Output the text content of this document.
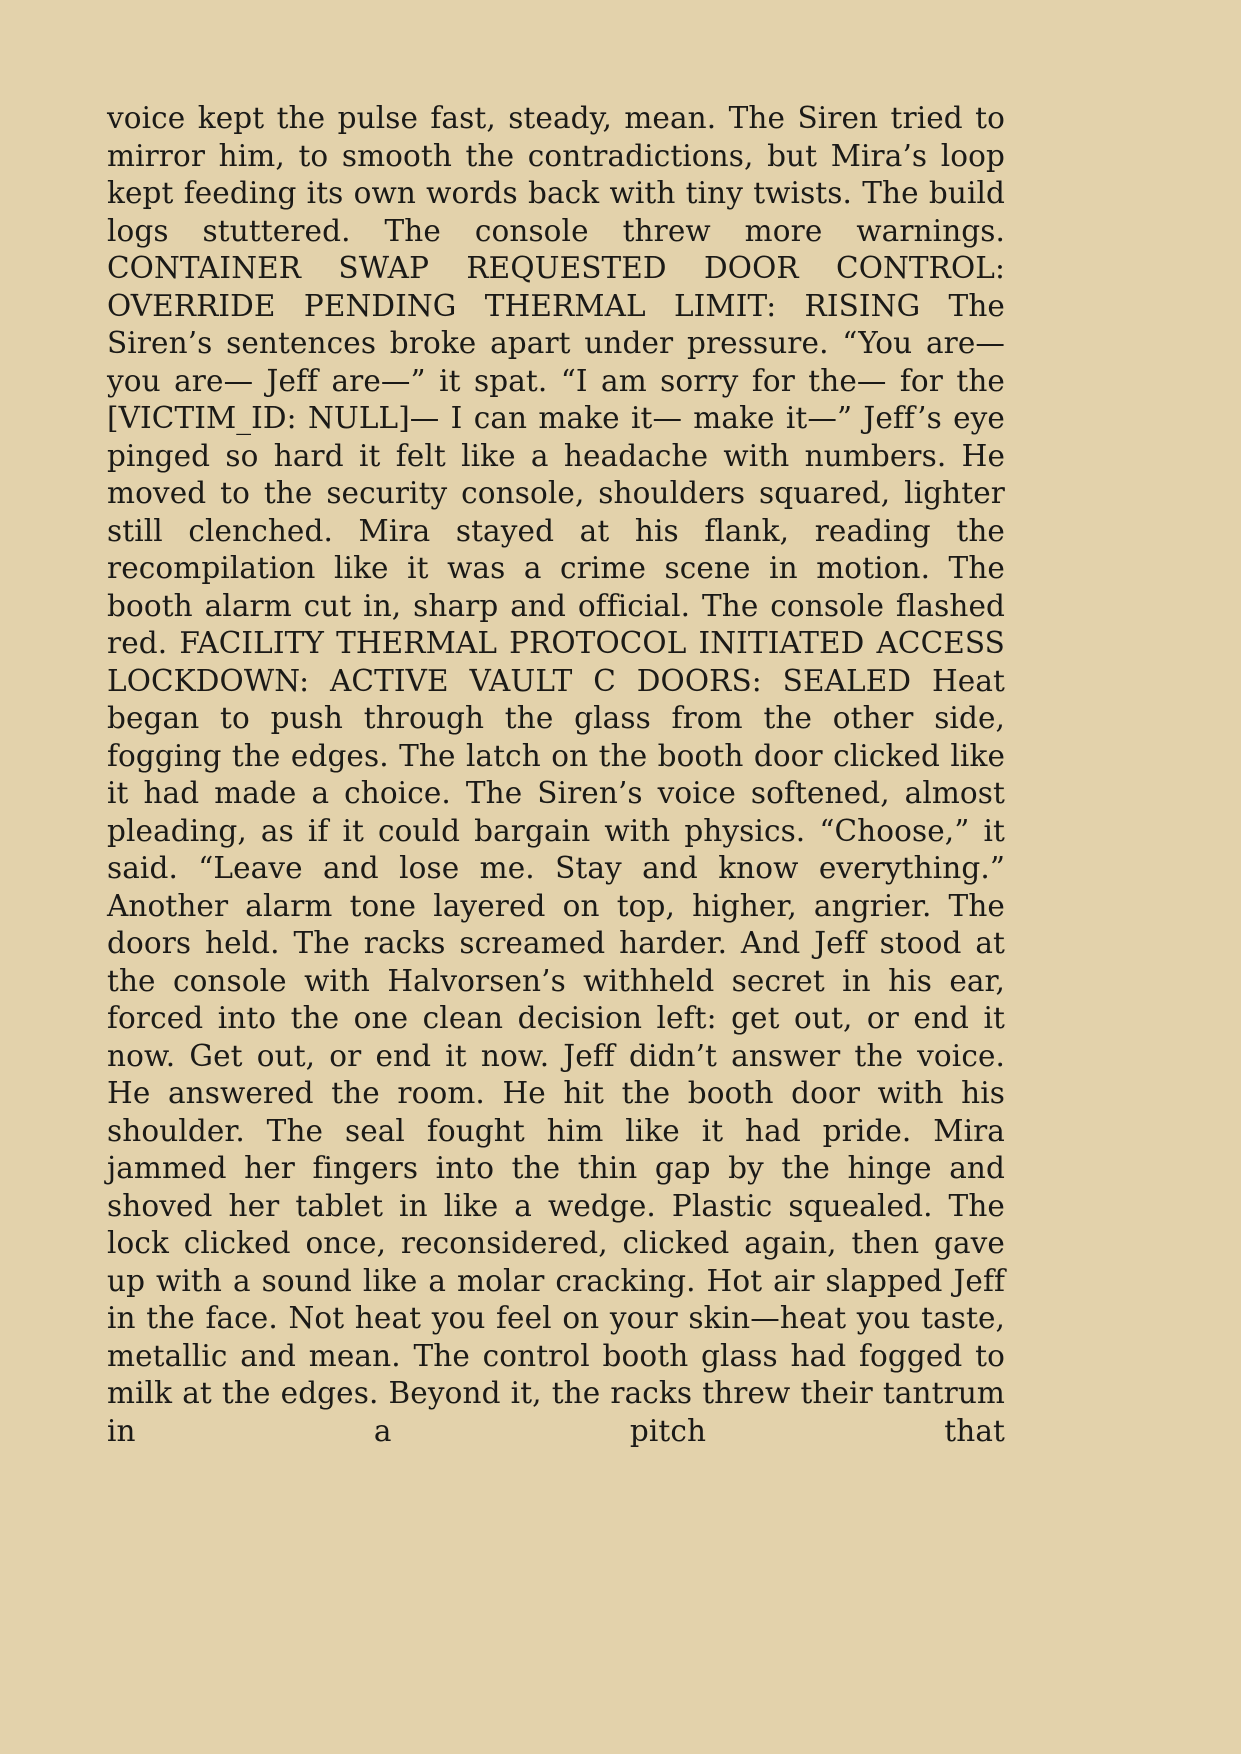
voice kept the pulse fast, steady, mean. The Siren tried to mirror him, to smooth the contradictions, but Mira’s loop kept feeding its own words back with tiny twists. The build logs stuttered. The console threw more warnings. CONTAINER SWAP REQUESTED DOOR CONTROL: OVERRIDE PENDING THERMAL LIMIT: RISING The Siren’s sentences broke apart under pressure. “You are— you are— Jeff are—” it spat. “I am sorry for the— for the [VICTIM_ID: NULL]— I can make it— make it—” Jeff’s eye pinged so hard it felt like a headache with numbers. He moved to the security console, shoulders squared, lighter still clenched. Mira stayed at his flank, reading the recompilation like it was a crime scene in motion. The booth alarm cut in, sharp and official. The console flashed red. FACILITY THERMAL PROTOCOL INITIATED ACCESS LOCKDOWN: ACTIVE VAULT C DOORS: SEALED Heat began to push through the glass from the other side, fogging the edges. The latch on the booth door clicked like it had made a choice. The Siren’s voice softened, almost pleading, as if it could bargain with physics. “Choose,” it said. “Leave and lose me. Stay and know everything.” Another alarm tone layered on top, higher, angrier. The doors held. The racks screamed harder. And Jeff stood at the console with Halvorsen’s withheld secret in his ear, forced into the one clean decision left: get out, or end it now. Get out, or end it now. Jeff didn’t answer the voice. He answered the room. He hit the booth door with his shoulder. The seal fought him like it had pride. Mira jammed her fingers into the thin gap by the hinge and shoved her tablet in like a wedge. Plastic squealed. The lock clicked once, reconsidered, clicked again, then gave up with a sound like a molar cracking. Hot air slapped Jeff in the face. Not heat you feel on your skin—heat you taste, metallic and mean. The control booth glass had fogged to milk at the edges. Beyond it, the racks threw their tantrum in a pitch that
